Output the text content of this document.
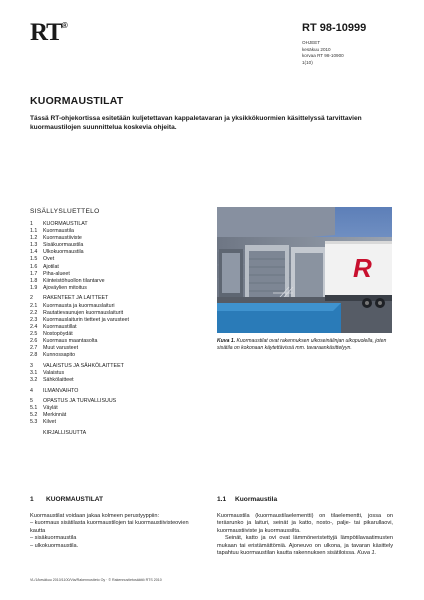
RT®	RT 98-10999
OHJEET
kesäkuu 2010
korvaa RT 98-10900
1(10)
KUORMAUSTILAT
Tässä RT-ohjekortissa esitetään kuljetettavan kappaletavaran ja yksikkökuormien käsittelyssä tarvittavien kuormaustilojen suunnittelua koskevia ohjeita.
SISÄLLYSLUETTELO
1	KUORMAUSTILAT
1.1	Kuormaustila
1.2	Kuormaustiiviste
1.3	Sisäkuormaustila
1.4	Ulkokuormaustila
1.5	Ovet
1.6	Ajotilat
1.7	Piha-alueet
1.8	Kiinteistöhuollon tilantarve
1.9	Ajoväylien mitoitus
2	RAKENTEET JA LAITTEET
2.1	Kuormausta ja kuormauslaituri
2.2	Rautatievaunujen kuormauslaiturit
2.3	Kuormauslaiturin tietteet ja varusteet
2.4	Kuormaustillat
2.5	Nostopöydät
2.6	Kuormaus maantasolta
2.7	Muut varusteet
2.8	Kunnossapito
3	VALAISTUS JA SÄHKÖLAITTEET
3.1	Valaistus
3.2	Sähkölaitteet
4	ILMANVAIHTO
5	OPASTUS JA TURVALLISUUS
5.1	Väylät
5.2	Merkinnät
5.3	Kilvet
KIRJALLISUUTTA
R
Kuva 1. Kuormaustilat ovat rakennuksen ulkoseinälinjan ulkopuolella, joten sisätila on kokonaan käytettävissä mm. tavaraankäsittelyyn.
1 KUORMAUSTILAT
Kuormaustilat voidaan jakaa kolmeen perustyyppiin:
– kuormaus sisätilasta kuormaustilojen tai kuormaustiivisteovien kautta
– sisäkuormaustila
– ulkokuormaustila.
1.1 Kuormaustila
Kuormaustila (kuormaustilaelementti) on tilaelementti, jossa on teräsrunko ja laituri, seinät ja katto, nosto-, palje- tai pikarullaovi, kuormaustiiviste ja kuormaussilta.
Seinät, katto ja ovi ovat lämmöneristettyjä lämpötilavaatimusten mukaan tai eristämättömiä. Ajoneuvo on ulkona, ja tavaran käsittely tapahtuu kuormaustilan kautta rakennuksen sisätiloissa. Kuva 1.
VL/1/kesäkuu 2010/1100/Via/Rakennustieto Oy · © Rakennustietosäätiö RTS 2010
